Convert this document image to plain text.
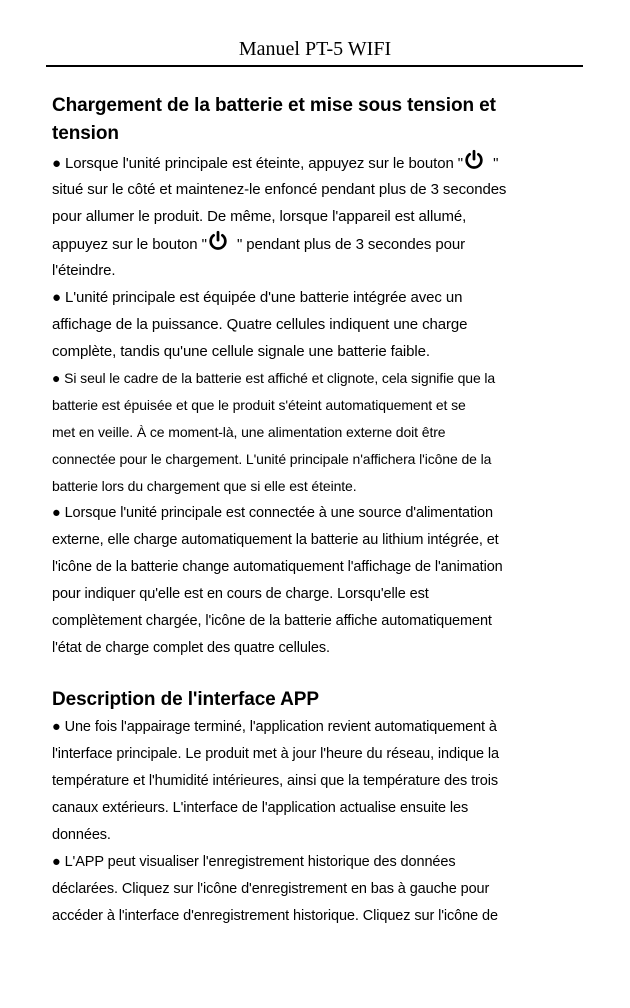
Manuel PT-5 WIFI
Chargement de la batterie et mise sous tension et
tension
● Lorsque l'unité principale est éteinte, appuyez sur le bouton " "
situé sur le côté et maintenez-le enfoncé pendant plus de 3 secondes
pour allumer le produit. De même, lorsque l'appareil est allumé,
appuyez sur le bouton " " pendant plus de 3 secondes pour
l'éteindre.
● L'unité principale est équipée d'une batterie intégrée avec un
affichage de la puissance. Quatre cellules indiquent une charge
complète, tandis qu'une cellule signale une batterie faible.
● Si seul le cadre de la batterie est affiché et clignote, cela signifie que la
batterie est épuisée et que le produit s'éteint automatiquement et se
met en veille. À ce moment-là, une alimentation externe doit être
connectée pour le chargement. L'unité principale n'affichera l'icône de la
batterie lors du chargement que si elle est éteinte.
● Lorsque l'unité principale est connectée à une source d'alimentation
externe, elle charge automatiquement la batterie au lithium intégrée, et
l'icône de la batterie change automatiquement l'affichage de l'animation
pour indiquer qu'elle est en cours de charge. Lorsqu'elle est
complètement chargée, l'icône de la batterie affiche automatiquement
l'état de charge complet des quatre cellules.
Description de l'interface APP
● Une fois l'appairage terminé, l'application revient automatiquement à
l'interface principale. Le produit met à jour l'heure du réseau, indique la
température et l'humidité intérieures, ainsi que la température des trois
canaux extérieurs. L'interface de l'application actualise ensuite les
données.
● L'APP peut visualiser l'enregistrement historique des données
déclarées. Cliquez sur l'icône d'enregistrement en bas à gauche pour
accéder à l'interface d'enregistrement historique. Cliquez sur l'icône de
